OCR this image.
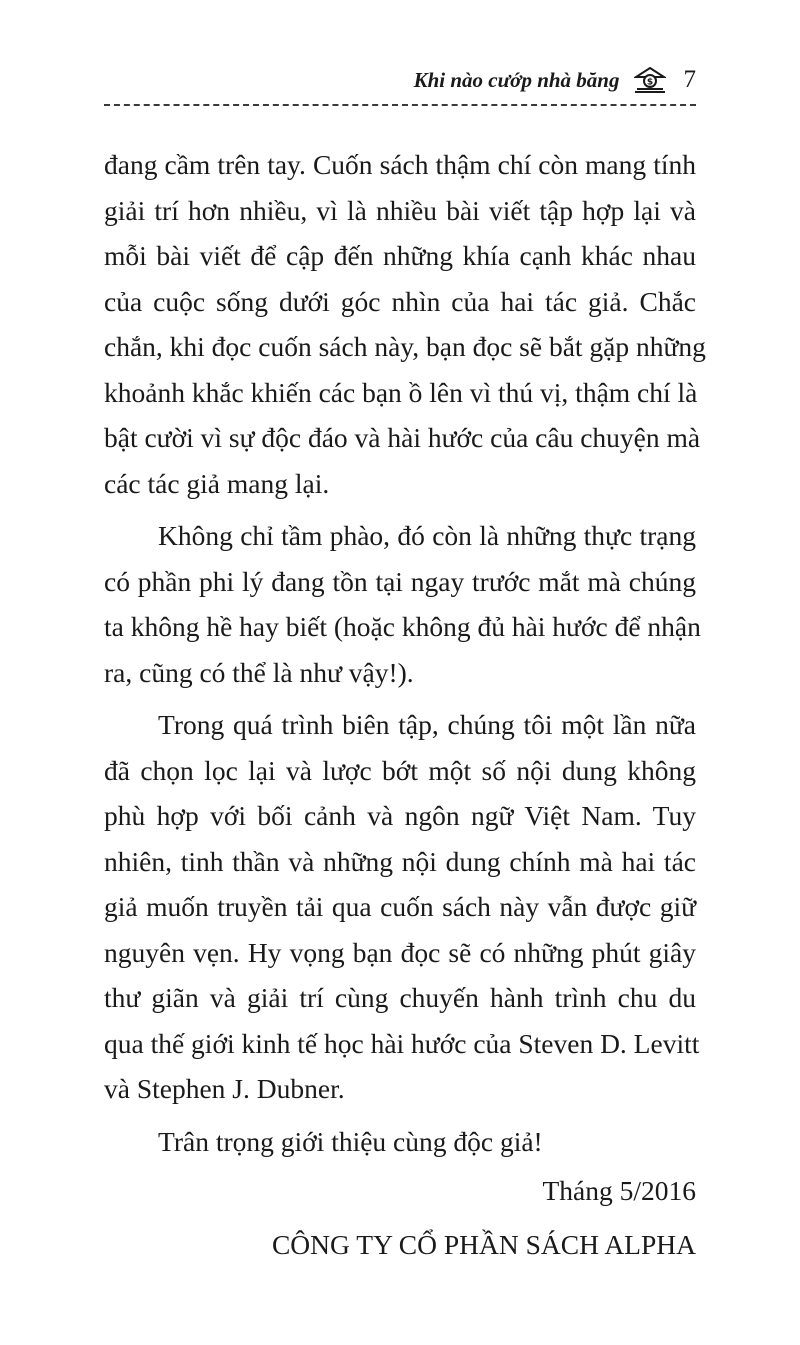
Khi nào cướp nhà băng	$ 7
đang cầm trên tay. Cuốn sách thậm chí còn mang tính
giải trí hơn nhiều, vì là nhiều bài viết tập hợp lại và
mỗi bài viết để cập đến những khía cạnh khác nhau
của cuộc sống dưới góc nhìn của hai tác giả. Chắc
chắn, khi đọc cuốn sách này, bạn đọc sẽ bắt gặp những
khoảnh khắc khiến các bạn ồ lên vì thú vị, thậm chí là
bật cười vì sự độc đáo và hài hước của câu chuyện mà
các tác giả mang lại.
Không chỉ tầm phào, đó còn là những thực trạng
có phần phi lý đang tồn tại ngay trước mắt mà chúng
ta không hề hay biết (hoặc không đủ hài hước để nhận
ra, cũng có thể là như vậy!).
Trong quá trình biên tập, chúng tôi một lần nữa
đã chọn lọc lại và lược bớt một số nội dung không
phù hợp với bối cảnh và ngôn ngữ Việt Nam. Tuy
nhiên, tinh thần và những nội dung chính mà hai tác
giả muốn truyền tải qua cuốn sách này vẫn được giữ
nguyên vẹn. Hy vọng bạn đọc sẽ có những phút giây
thư giãn và giải trí cùng chuyến hành trình chu du
qua thế giới kinh tế học hài hước của Steven D. Levitt
và Stephen J. Dubner.
Trân trọng giới thiệu cùng độc giả!
Tháng 5/2016
CÔNG TY CỔ PHẦN SÁCH ALPHA
